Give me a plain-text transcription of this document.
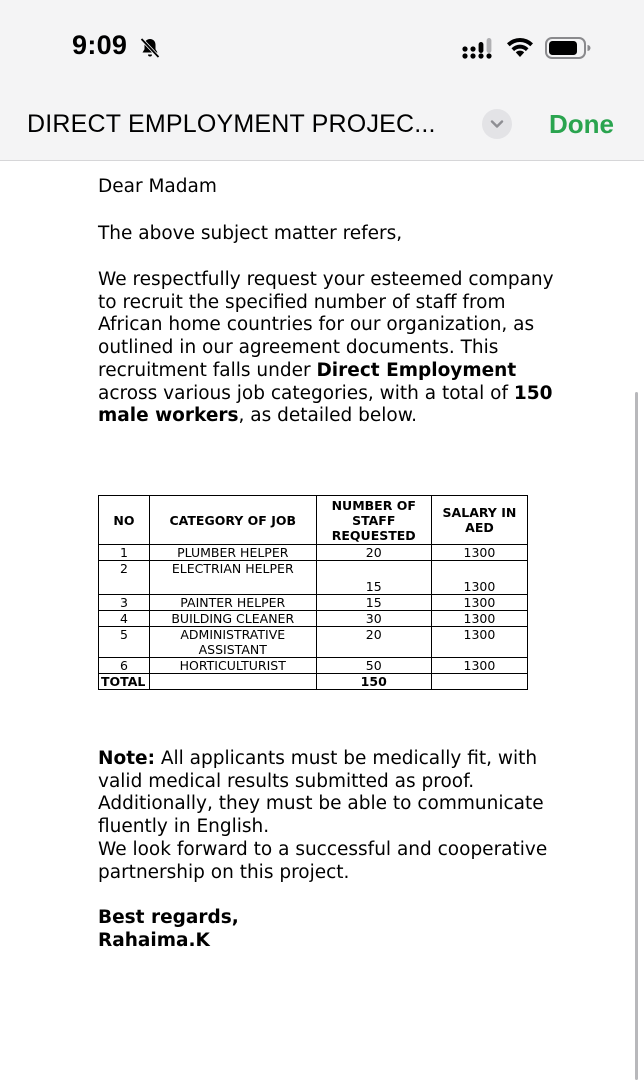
9:09
DIRECT EMPLOYMENT PROJEC...	Done

Dear Madam

The above subject matter refers,

We respectfully request your esteemed company to recruit the specified number of staff from African home countries for our organization, as outlined in our agreement documents. This recruitment falls under Direct Employment across various job categories, with a total of 150 male workers, as detailed below.

Note: All applicants must be medically fit, with valid medical results submitted as proof. Additionally, they must be able to communicate fluently in English.
We look forward to a successful and cooperative partnership on this project.

Best regards,
Rahaima.K

NO	CATEGORY OF JOB	NUMBER OF STAFF REQUESTED	SALARY IN AED
1	PLUMBER HELPER	20	1300
2	ELECTRIAN HELPER	15	1300
3	PAINTER HELPER	15	1300
4	BUILDING CLEANER	30	1300
5	ADMINISTRATIVE ASSISTANT	20	1300
6	HORTICULTURIST	50	1300
TOTAL		150	
